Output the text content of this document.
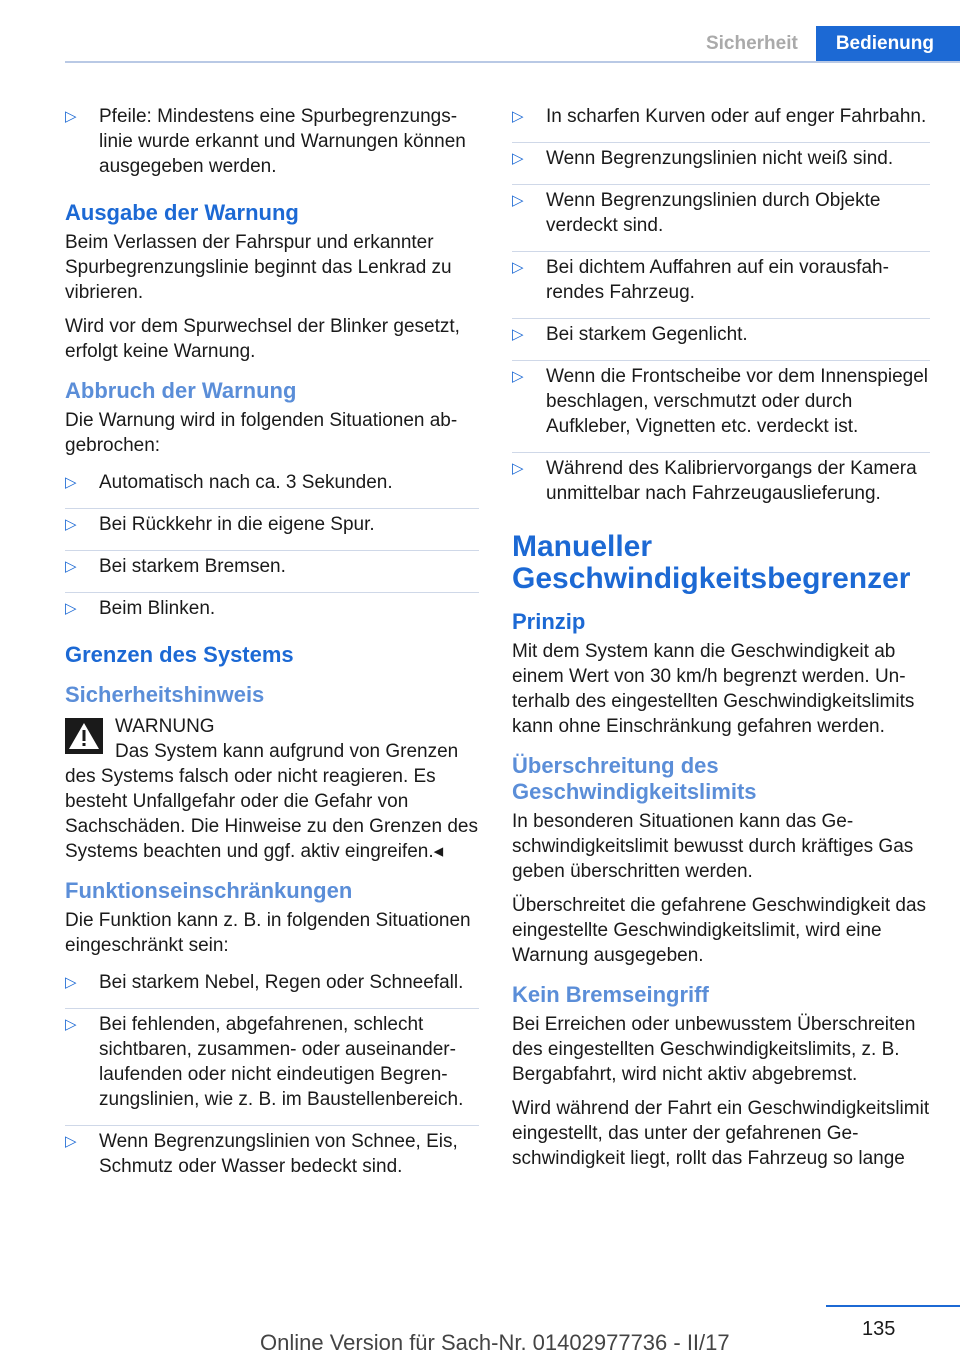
Sicherheit	Bedienung
▷ Pfeile: Mindestens eine Spurbegrenzungslinie wurde erkannt und Warnungen können ausgegeben werden.
Ausgabe der Warnung

Beim Verlassen der Fahrspur und erkannter Spurbegrenzungslinie beginnt das Lenkrad zu vibrieren.

Wird vor dem Spurwechsel der Blinker gesetzt, erfolgt keine Warnung.

Abbruch der Warnung

Die Warnung wird in folgenden Situationen abgebrochen:

▷ Automatisch nach ca. 3 Sekunden.
▷ Bei Rückkehr in die eigene Spur.
▷ Bei starkem Bremsen.
▷ Beim Blinken.
Grenzen des Systems
Sicherheitshinweis
WARNUNG

Das System kann aufgrund von Grenzen

des Systems falsch oder nicht reagieren. Es besteht Unfallgefahr oder die Gefahr von Sachschäden. Die Hinweise zu den Grenzen des Systems beachten und ggf. aktiv eingreifen.◂

Funktionseinschränkungen

Die Funktion kann z. B. in folgenden Situationen eingeschränkt sein:

▷ Bei starkem Nebel, Regen oder Schneefall.
▷ Bei fehlenden, abgefahrenen, schlecht sichtbaren, zusammen- oder auseinanderlaufenden oder nicht eindeutigen Begrenzungslinien, wie z. B. im Baustellenbereich.
▷ Wenn Begrenzungslinien von Schnee, Eis, Schmutz oder Wasser bedeckt sind.
▷ In scharfen Kurven oder auf enger Fahrbahn.
▷ Wenn Begrenzungslinien nicht weiß sind.
▷ Wenn Begrenzungslinien durch Objekte verdeckt sind.
▷ Bei dichtem Auffahren auf ein vorausfahrendes Fahrzeug.
▷ Bei starkem Gegenlicht.
▷ Wenn die Frontscheibe vor dem Innenspiegel beschlagen, verschmutzt oder durch Aufkleber, Vignetten etc. verdeckt ist.
▷ Während des Kalibriervorgangs der Kamera unmittelbar nach Fahrzeugauslieferung.
Manueller Geschwindigkeitsbegrenzer
Prinzip

Mit dem System kann die Geschwindigkeit ab einem Wert von 30 km/h begrenzt werden. Unterhalb des eingestellten Geschwindigkeitslimits kann ohne Einschränkung gefahren werden.

Überschreitung des Geschwindigkeitslimits

In besonderen Situationen kann das Geschwindigkeitslimit bewusst durch kräftiges Gas geben überschritten werden.

Überschreitet die gefahrene Geschwindigkeit das eingestellte Geschwindigkeitslimit, wird eine Warnung ausgegeben.

Kein Bremseingriff

Bei Erreichen oder unbewusstem Überschreiten des eingestellten Geschwindigkeitslimits, z. B. Bergabfahrt, wird nicht aktiv abgebremst.

Wird während der Fahrt ein Geschwindigkeitslimit eingestellt, das unter der gefahrenen Geschwindigkeit liegt, rollt das Fahrzeug so lange

135
Online Version für Sach-Nr. 01402977736 - II/17
